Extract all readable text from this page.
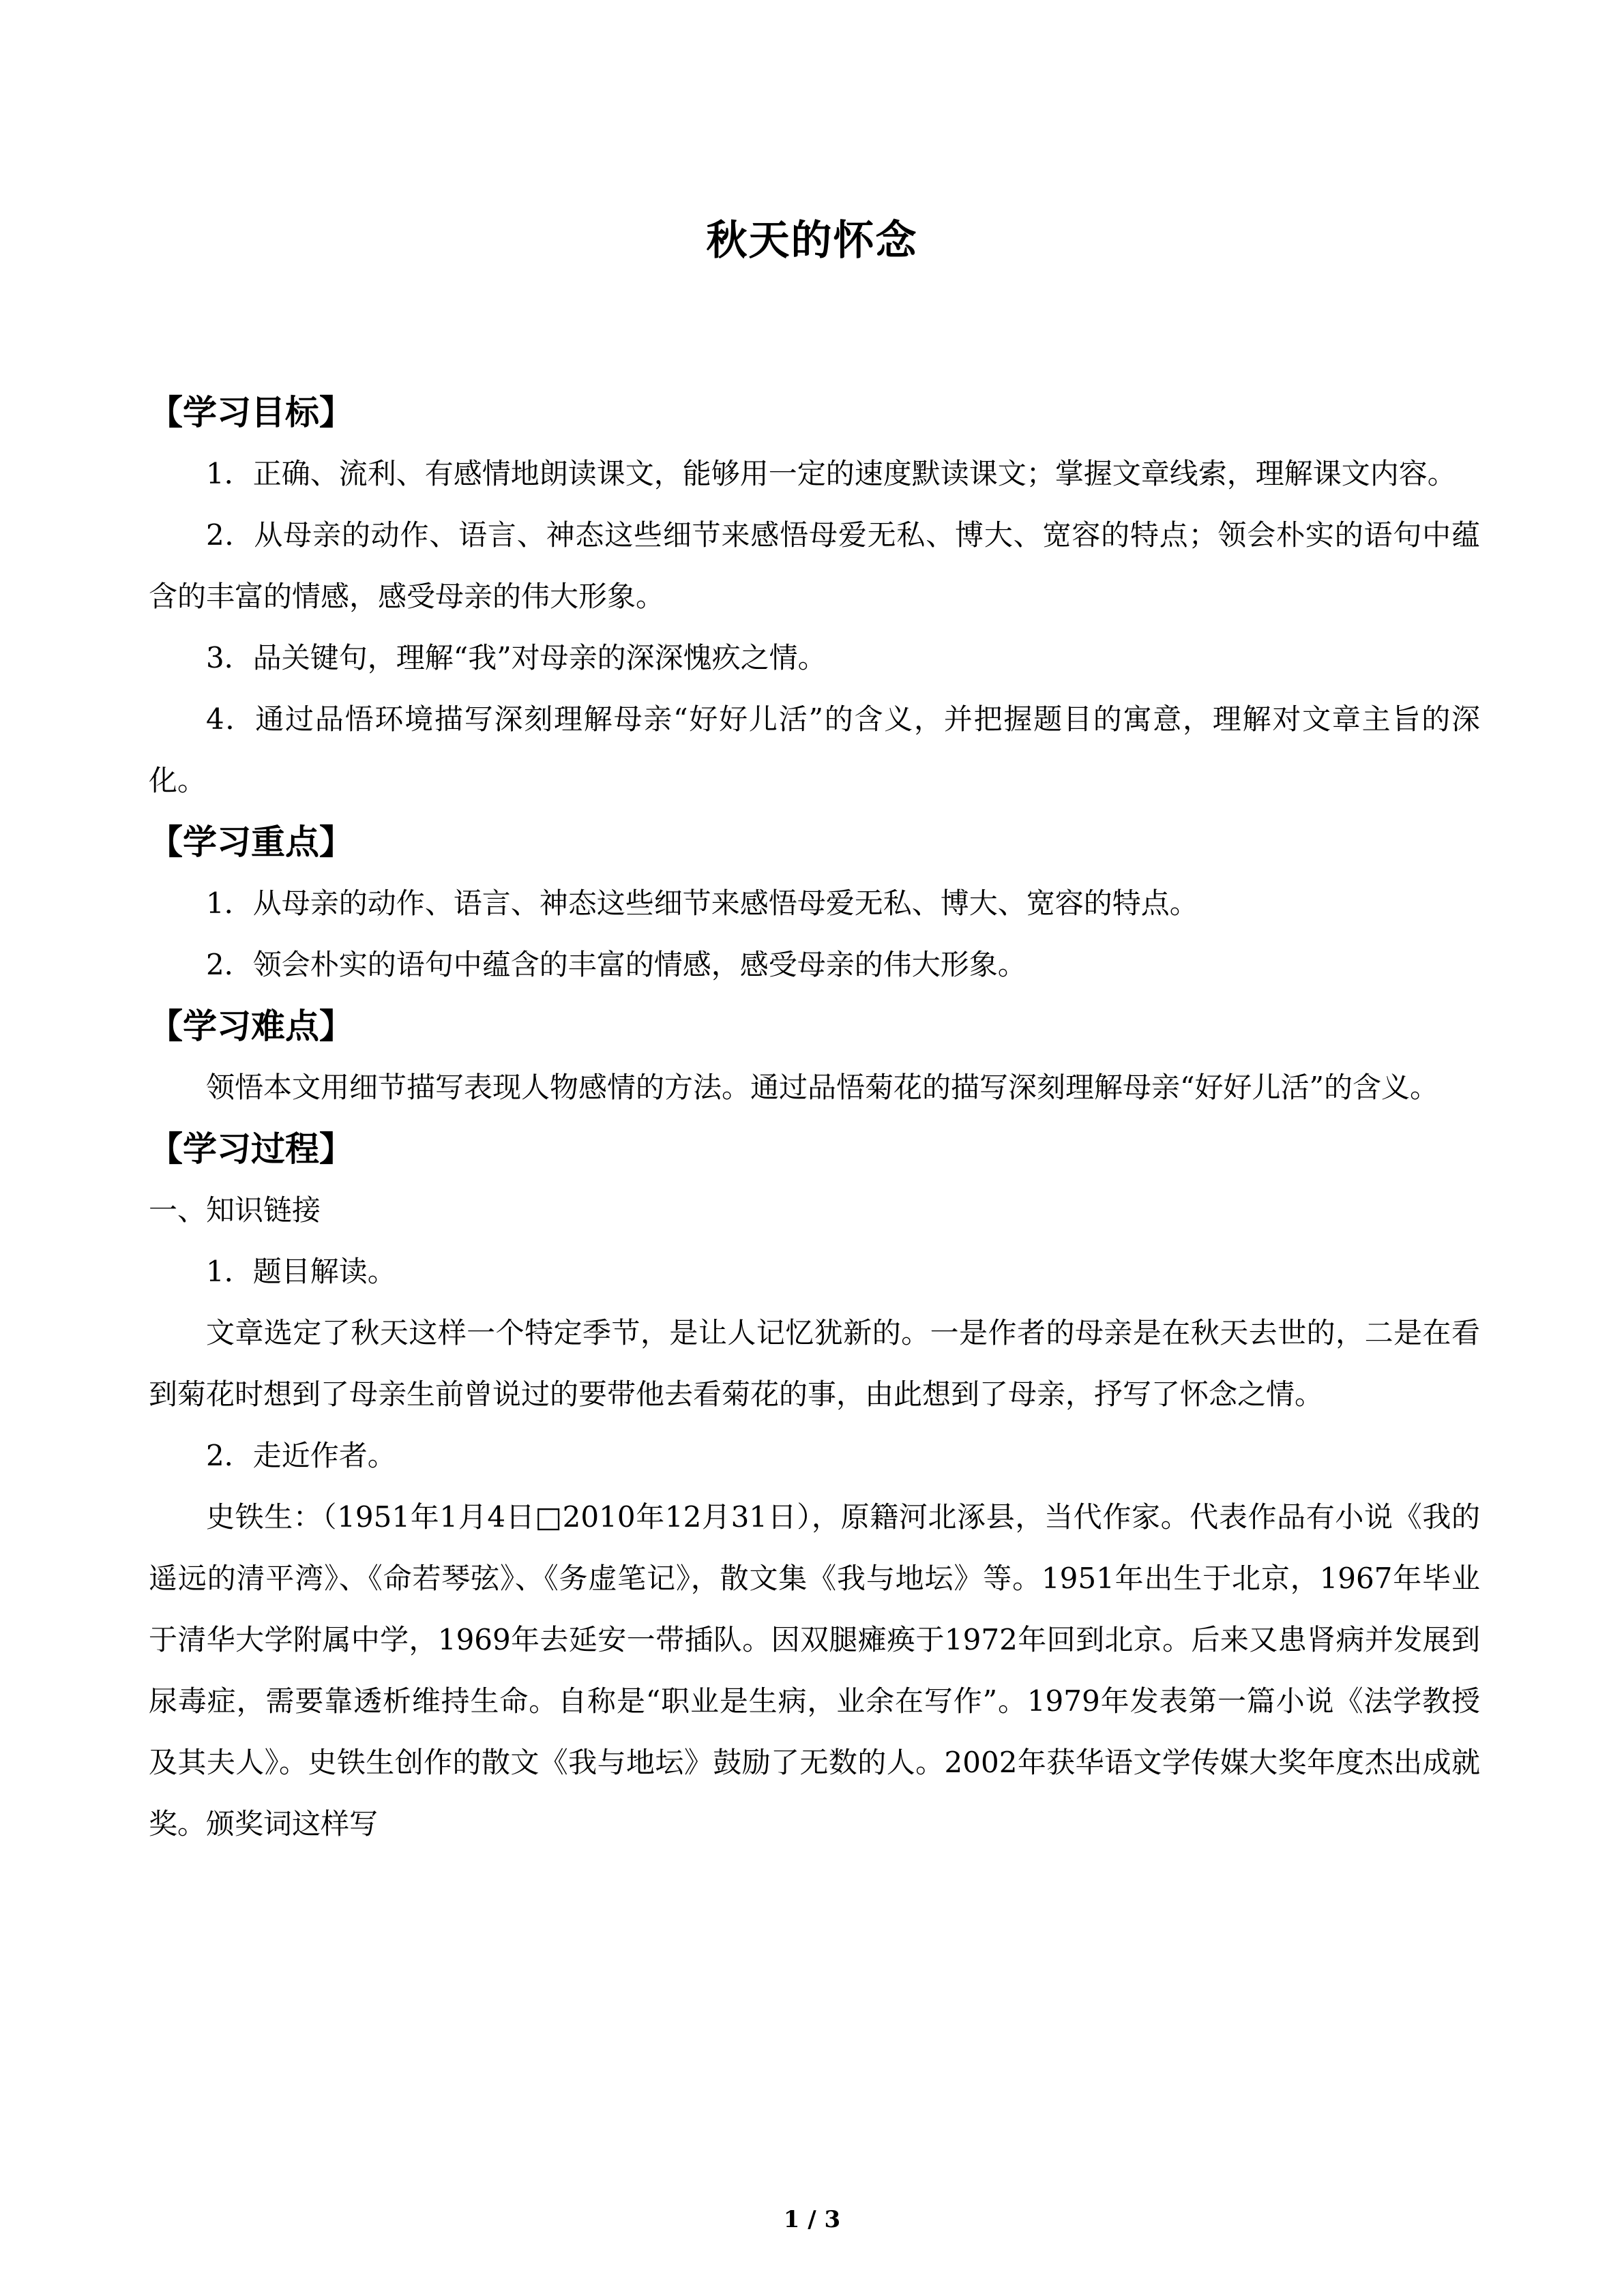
秋天的怀念
【学习目标】

1．正确、流利、有感情地朗读课文，能够用一定的速度默读课文；掌握文章线索，理解课文内容。

2．从母亲的动作、语言、神态这些细节来感悟母爱无私、博大、宽容的特点；领会朴实的语句中蕴含的丰富的情感，感受母亲的伟大形象。

3．品关键句，理解“我”对母亲的深深愧疚之情。

4．通过品悟环境描写深刻理解母亲“好好儿活”的含义，并把握题目的寓意，理解对文章主旨的深化。

【学习重点】

1．从母亲的动作、语言、神态这些细节来感悟母爱无私、博大、宽容的特点。

2．领会朴实的语句中蕴含的丰富的情感，感受母亲的伟大形象。

【学习难点】

领悟本文用细节描写表现人物感情的方法。通过品悟菊花的描写深刻理解母亲“好好儿活”的含义。

【学习过程】

一、知识链接

1．题目解读。

文章选定了秋天这样一个特定季节，是让人记忆犹新的。一是作者的母亲是在秋天去世的，二是在看到菊花时想到了母亲生前曾说过的要带他去看菊花的事，由此想到了母亲，抒写了怀念之情。

2．走近作者。

史铁生：（1951年1月4日□2010年12月31日），原籍河北涿县，当代作家。代表作品有小说《我的遥远的清平湾》、《命若琴弦》、《务虚笔记》，散文集《我与地坛》等。1951年出生于北京，1967年毕业于清华大学附属中学，1969年去延安一带插队。因双腿瘫痪于1972年回到北京。后来又患肾病并发展到尿毒症，需要靠透析维持生命。自称是“职业是生病，业余在写作”。1979年发表第一篇小说《法学教授及其夫人》。史铁生创作的散文《我与地坛》鼓励了无数的人。2002年获华语文学传媒大奖年度杰出成就奖。颁奖词这样写

1 / 3
